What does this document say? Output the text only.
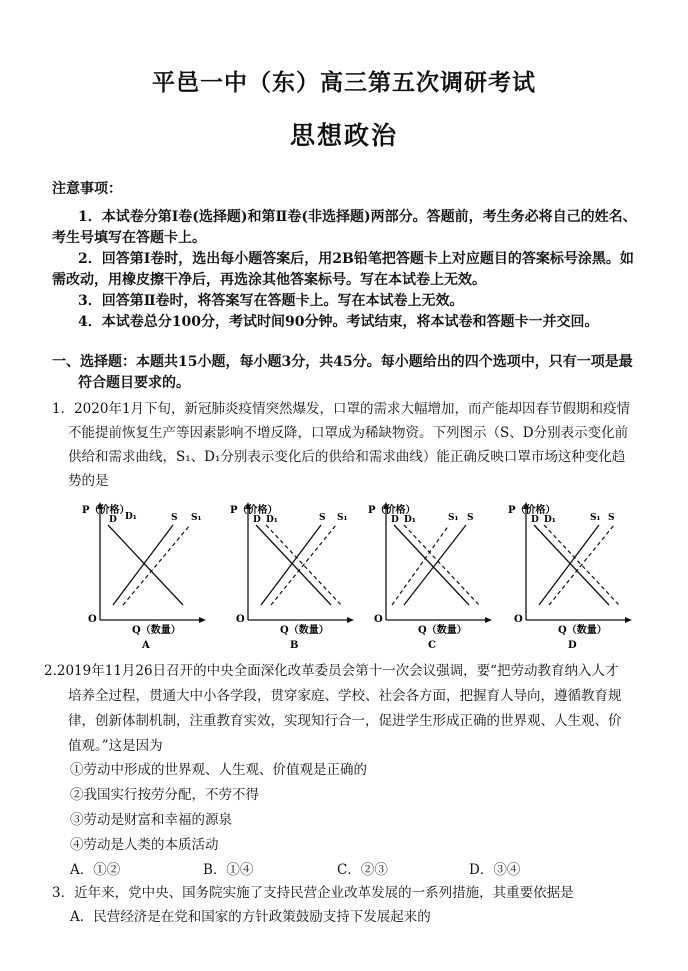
平邑一中（东）高三第五次调研考试
思想政治
注意事项：
1．本试卷分第Ⅰ卷(选择题)和第Ⅱ卷(非选择题)两部分。答题前，考生务必将自己的姓名、
考生号填写在答题卡上。
2．回答第Ⅰ卷时，选出每小题答案后，用2B铅笔把答题卡上对应题目的答案标号涂黑。如
需改动，用橡皮擦干净后，再选涂其他答案标号。写在本试卷上无效。
3．回答第Ⅱ卷时，将答案写在答题卡上。写在本试卷上无效。
4．本试卷总分100分，考试时间90分钟。考试结束，将本试卷和答题卡一并交回。
一、选择题：本题共15小题，每小题3分，共45分。每小题给出的四个选项中，只有一项是最
符合题目要求的。
1．2020年1月下旬，新冠肺炎疫情突然爆发，口罩的需求大幅增加，而产能却因春节假期和疫情
不能提前恢复生产等因素影响不增反降，口罩成为稀缺物资。下列图示（S、D分别表示变化前
供给和需求曲线，S₁、D₁分别表示变化后的供给和需求曲线）能正确反映口罩市场这种变化趋
势的是
P（价格）
Q（数量）
O
D D₁	S S₁
A
P（价格）
Q（数量）
O
D D₁	S S₁
B
P（价格）
Q（数量）
O
D D₁	S₁ S
C
P（价格）
Q（数量）
O
D D₁	S₁ S
D
2.2019年11月26日召开的中央全面深化改革委员会第十一次会议强调，要“把劳动教育纳入人才
培养全过程，贯通大中小各学段，贯穿家庭、学校、社会各方面，把握育人导向，遵循教育规
律，创新体制机制，注重教育实效，实现知行合一，促进学生形成正确的世界观、人生观、价
值观。”这是因为
①劳动中形成的世界观、人生观、价值观是正确的
②我国实行按劳分配，不劳不得
③劳动是财富和幸福的源泉
④劳动是人类的本质活动
A．①②	B．①④	C．②③	D．③④
3．近年来，党中央、国务院实施了支持民营企业改革发展的一系列措施，其重要依据是
A．民营经济是在党和国家的方针政策鼓励支持下发展起来的
